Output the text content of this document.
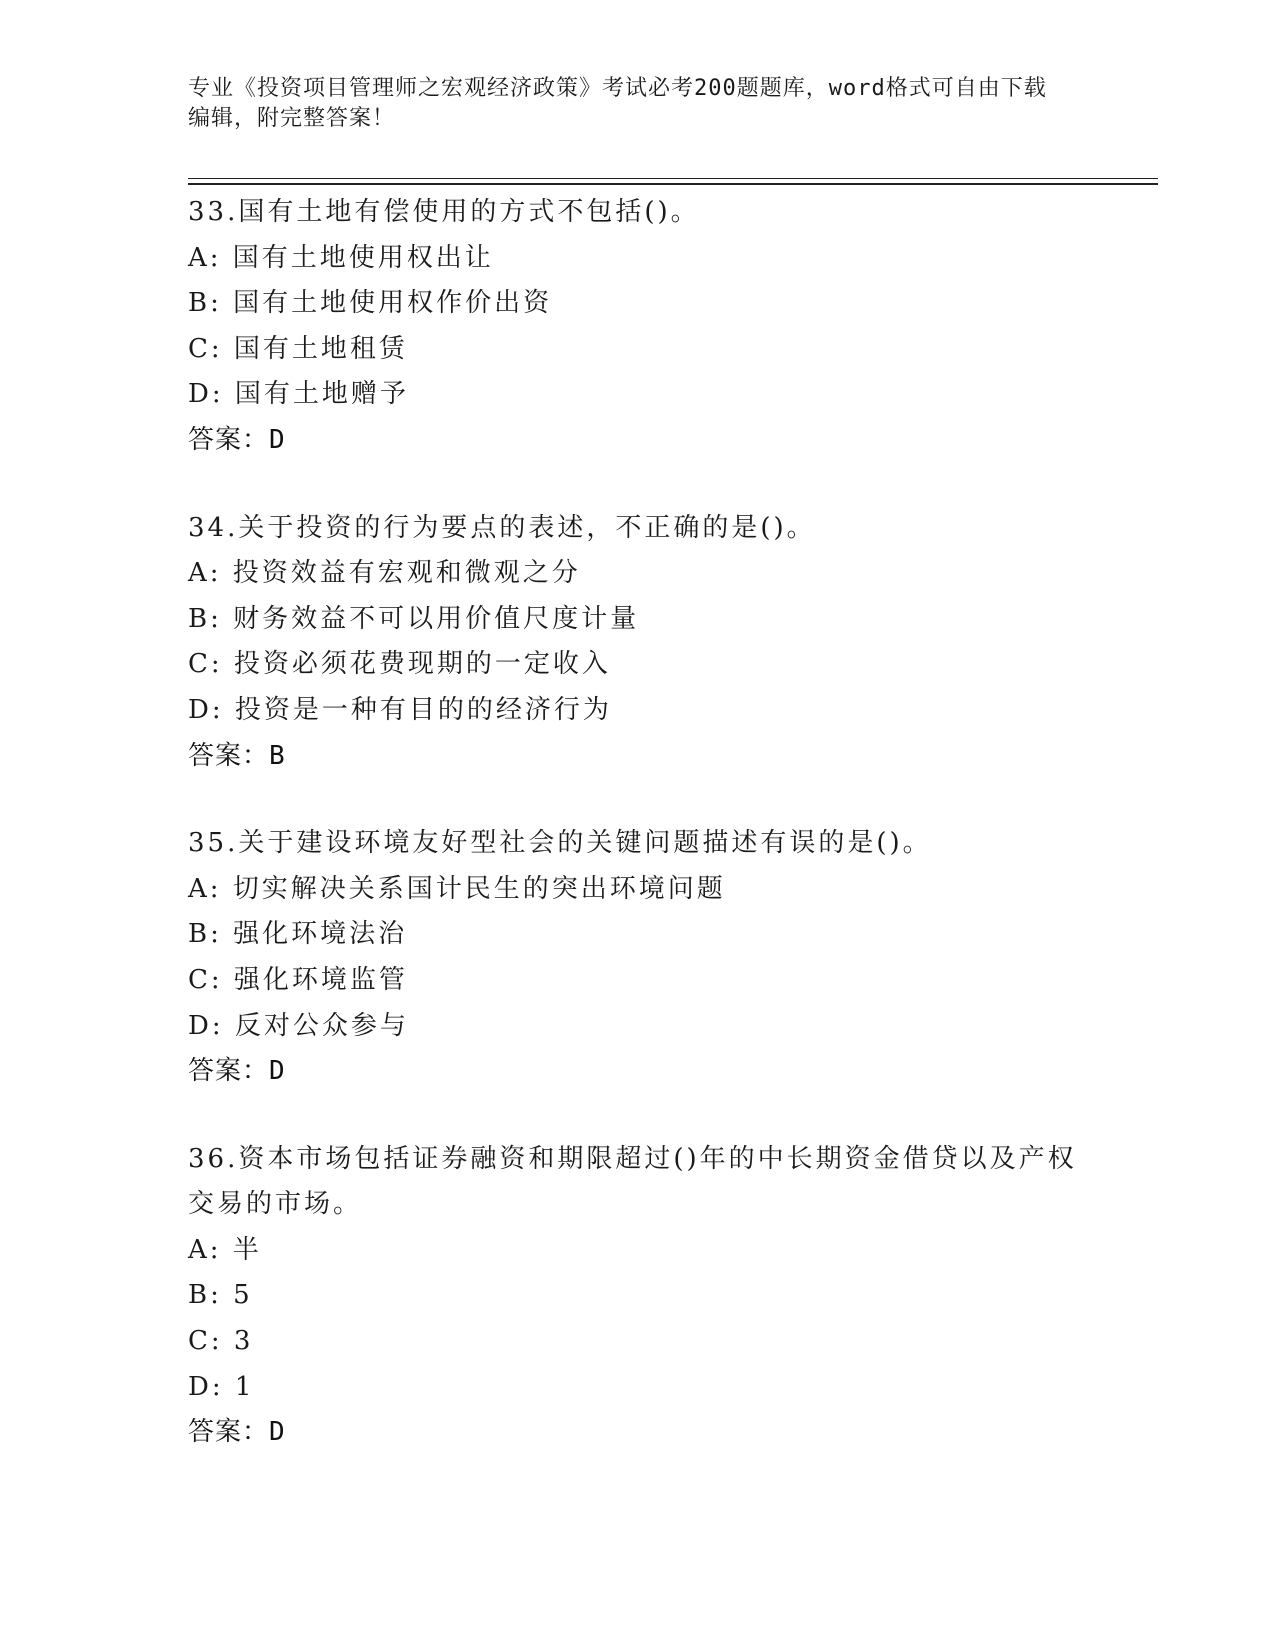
专业《投资项目管理师之宏观经济政策》考试必考200题题库，word格式可自由下载编辑，附完整答案！

33.国有土地有偿使用的方式不包括()。

A: 国有土地使用权出让

B: 国有土地使用权作价出资

C: 国有土地租赁

D: 国有土地赠予

答案：D

34.关于投资的行为要点的表述，不正确的是()。

A: 投资效益有宏观和微观之分

B: 财务效益不可以用价值尺度计量

C: 投资必须花费现期的一定收入

D: 投资是一种有目的的经济行为

答案：B

35.关于建设环境友好型社会的关键问题描述有误的是()。

A: 切实解决关系国计民生的突出环境问题

B: 强化环境法治

C: 强化环境监管

D: 反对公众参与

答案：D

36.资本市场包括证券融资和期限超过()年的中长期资金借贷以及产权交易的市场。

A: 半

B: 5

C: 3

D: 1

答案：D
